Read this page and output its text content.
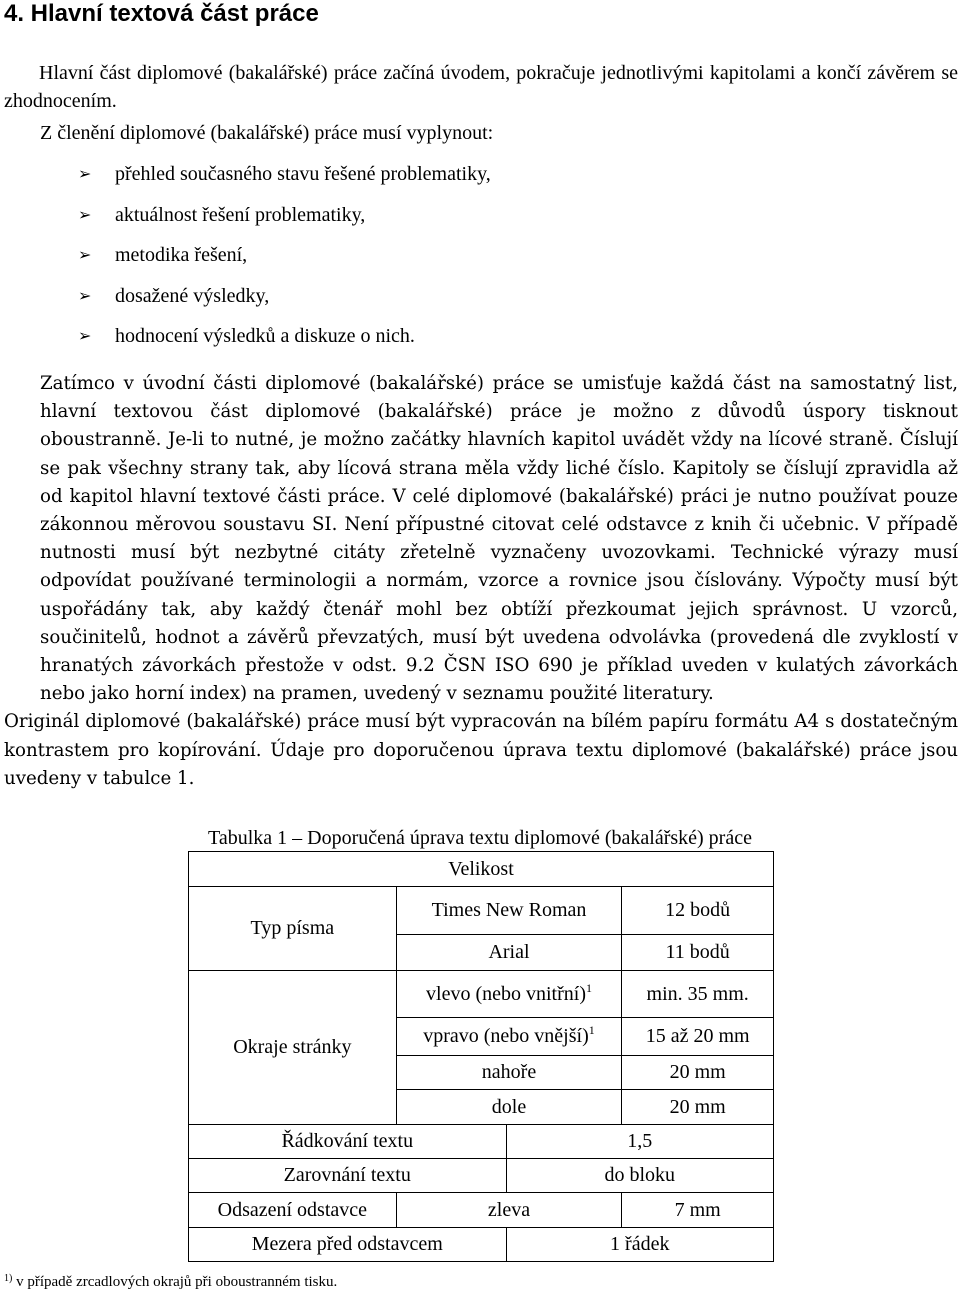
4. Hlavní textová část práce
Hlavní část diplomové (bakalářské) práce začíná úvodem, pokračuje jednotlivými kapitolami a končí závěrem se zhodnocením.
Z členění diplomové (bakalářské) práce musí vyplynout:
➢	přehled současného stavu řešené problematiky,
➢	aktuálnost řešení problematiky,
➢	metodika řešení,
➢	dosažené výsledky,
➢	hodnocení výsledků a diskuze o nich.

Zatímco v úvodní části diplomové (bakalářské) práce se umisťuje každá část na samostatný list, hlavní textovou část diplomové (bakalářské) práce je možno z důvodů úspory tisknout oboustranně. Je-li to nutné, je možno začátky hlavních kapitol uvádět vždy na lícové straně. Číslují se pak všechny strany tak, aby lícová strana měla vždy liché číslo. Kapitoly se číslují zpravidla až od kapitol hlavní textové části práce. V celé diplomové (bakalářské) práci je nutno používat pouze zákonnou měrovou soustavu SI. Není přípustné citovat celé odstavce z knih či učebnic. V případě nutnosti musí být nezbytné citáty zřetelně vyznačeny uvozovkami. Technické výrazy musí odpovídat používané terminologii a normám, vzorce a rovnice jsou číslovány. Výpočty musí být uspořádány tak, aby každý čtenář mohl bez obtíží přezkoumat jejich správnost. U vzorců, součinitelů, hodnot a závěrů převzatých, musí být uvedena odvolávka (provedená dle zvyklostí v hranatých závorkách přestože v odst. 9.2 ČSN ISO 690 je příklad uveden v kulatých závorkách nebo jako horní index) na pramen, uvedený v seznamu použité literatury.

Originál diplomové (bakalářské) práce musí být vypracován na bílém papíru formátu A4 s dostatečným kontrastem pro kopírování. Údaje pro doporučenou úprava textu diplomové (bakalářské) práce jsou uvedeny v tabulce 1.

Tabulka 1 – Doporučená úprava textu diplomové (bakalářské) práce
Velikost			
Typ písma	Times New Roman		12 bodů
	Arial		11 bodů
Okraje stránky	vlevo (nebo vnitřní)$^1$		min. 35 mm.
	vpravo (nebo vnější)$^1$		15 až 20 mm
	nahoře		20 mm
	dole		20 mm
Řádkování textu		1,5	
Zarovnání textu		do bloku	
Odsazení odstavce	zleva		7 mm
Mezera před odstavcem		1 řádek	
$^{1)}$ v případě zrcadlových okrajů při oboustranném tisku.
